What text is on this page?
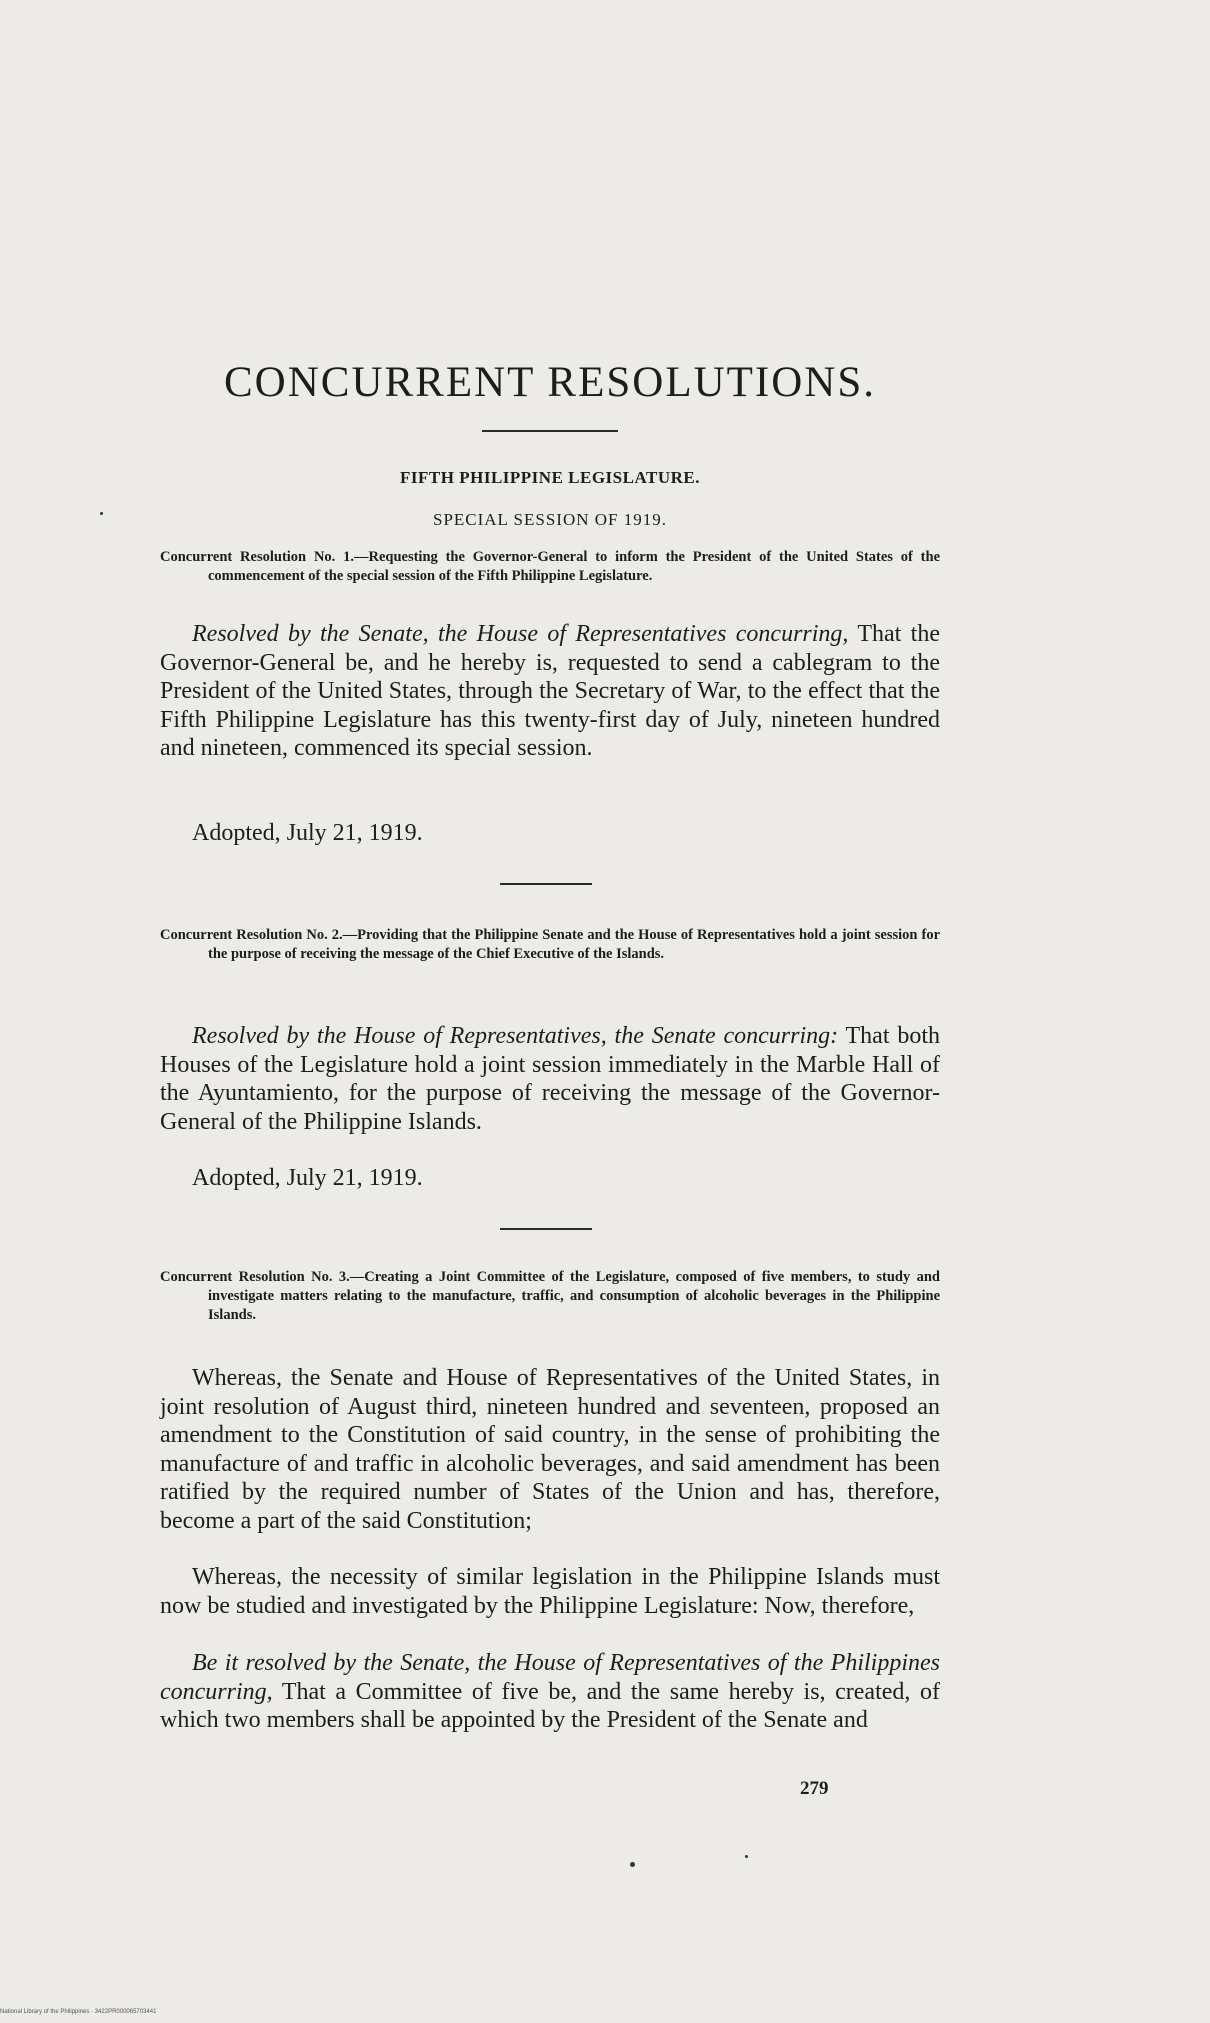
CONCURRENT RESOLUTIONS.
FIFTH PHILIPPINE LEGISLATURE.
SPECIAL SESSION OF 1919.

Concurrent Resolution No. 1.—Requesting the Governor-General to inform the President of the United States of the commencement of the special session of the Fifth Philippine Legislature.

Resolved by the Senate, the House of Representatives concurring, That the Governor-General be, and he hereby is, requested to send a cablegram to the President of the United States, through the Secretary of War, to the effect that the Fifth Philippine Legislature has this twenty-first day of July, nineteen hundred and nineteen, commenced its special session.

Adopted, July 21, 1919.

Concurrent Resolution No. 2.—Providing that the Philippine Senate and the House of Representatives hold a joint session for the purpose of receiving the message of the Chief Executive of the Islands.

Resolved by the House of Representatives, the Senate concurring: That both Houses of the Legislature hold a joint session immediately in the Marble Hall of the Ayuntamiento, for the purpose of receiving the message of the Governor-General of the Philippine Islands.

Adopted, July 21, 1919.

Concurrent Resolution No. 3.—Creating a Joint Committee of the Legislature, composed of five members, to study and investigate matters relating to the manufacture, traffic, and consumption of alcoholic beverages in the Philippine Islands.

Whereas, the Senate and House of Representatives of the United States, in joint resolution of August third, nineteen hundred and seventeen, proposed an amendment to the Constitution of said country, in the sense of prohibiting the manufacture of and traffic in alcoholic beverages, and said amendment has been ratified by the required number of States of the Union and has, therefore, become a part of the said Constitution;

Whereas, the necessity of similar legislation in the Philippine Islands must now be studied and investigated by the Philippine Legislature: Now, therefore,

Be it resolved by the Senate, the House of Representatives of the Philippines concurring, That a Committee of five be, and the same hereby is, created, of which two members shall be appointed by the President of the Senate and

279
National Library of the Philippines · 3422PR000065703441
